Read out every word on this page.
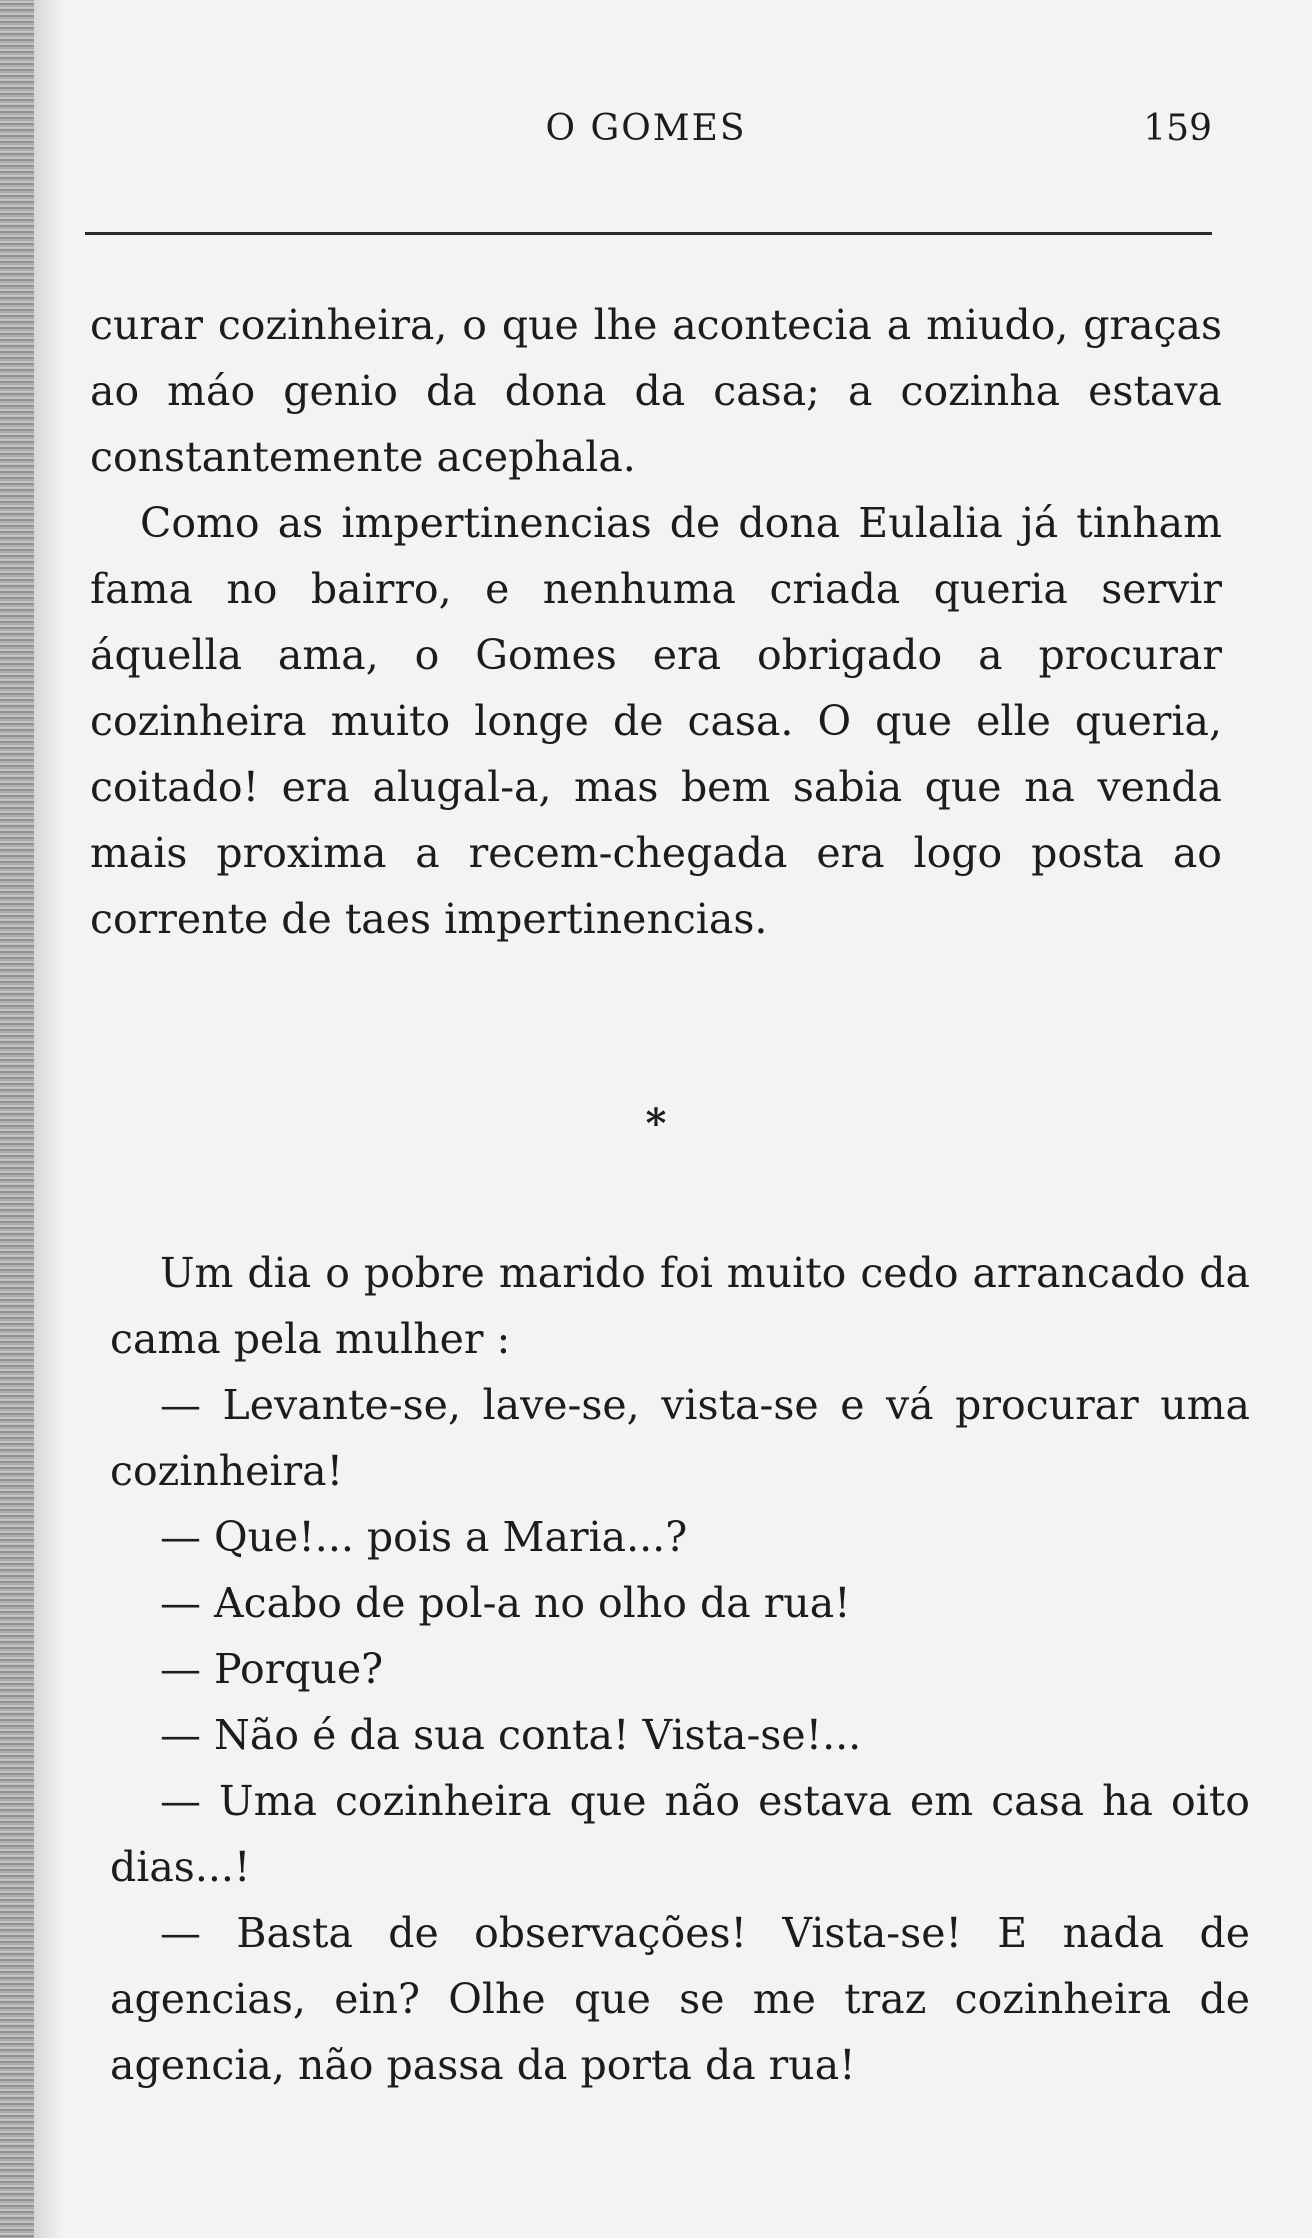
O GOMES	159

curar cozinheira, o que lhe acontecia a miudo, graças ao máo genio da dona da casa; a cozinha estava constantemente acephala.

Como as impertinencias de dona Eulalia já tinham fama no bairro, e nenhuma criada queria servir áquella ama, o Gomes era obrigado a procurar cozinheira muito longe de casa. O que elle queria, coitado! era alugal-a, mas bem sabia que na venda mais proxima a recem-chegada era logo posta ao corrente de taes impertinencias.

*

Um dia o pobre marido foi muito cedo arrancado da cama pela mulher :

— Levante-se, lave-se, vista-se e vá procurar uma cozinheira!

— Que!... pois a Maria...?

— Acabo de pol-a no olho da rua!

— Porque?

— Não é da sua conta! Vista-se!...

— Uma cozinheira que não estava em casa ha oito dias...!

— Basta de observações! Vista-se! E nada de agencias, ein? Olhe que se me traz cozinheira de agencia, não passa da porta da rua!
